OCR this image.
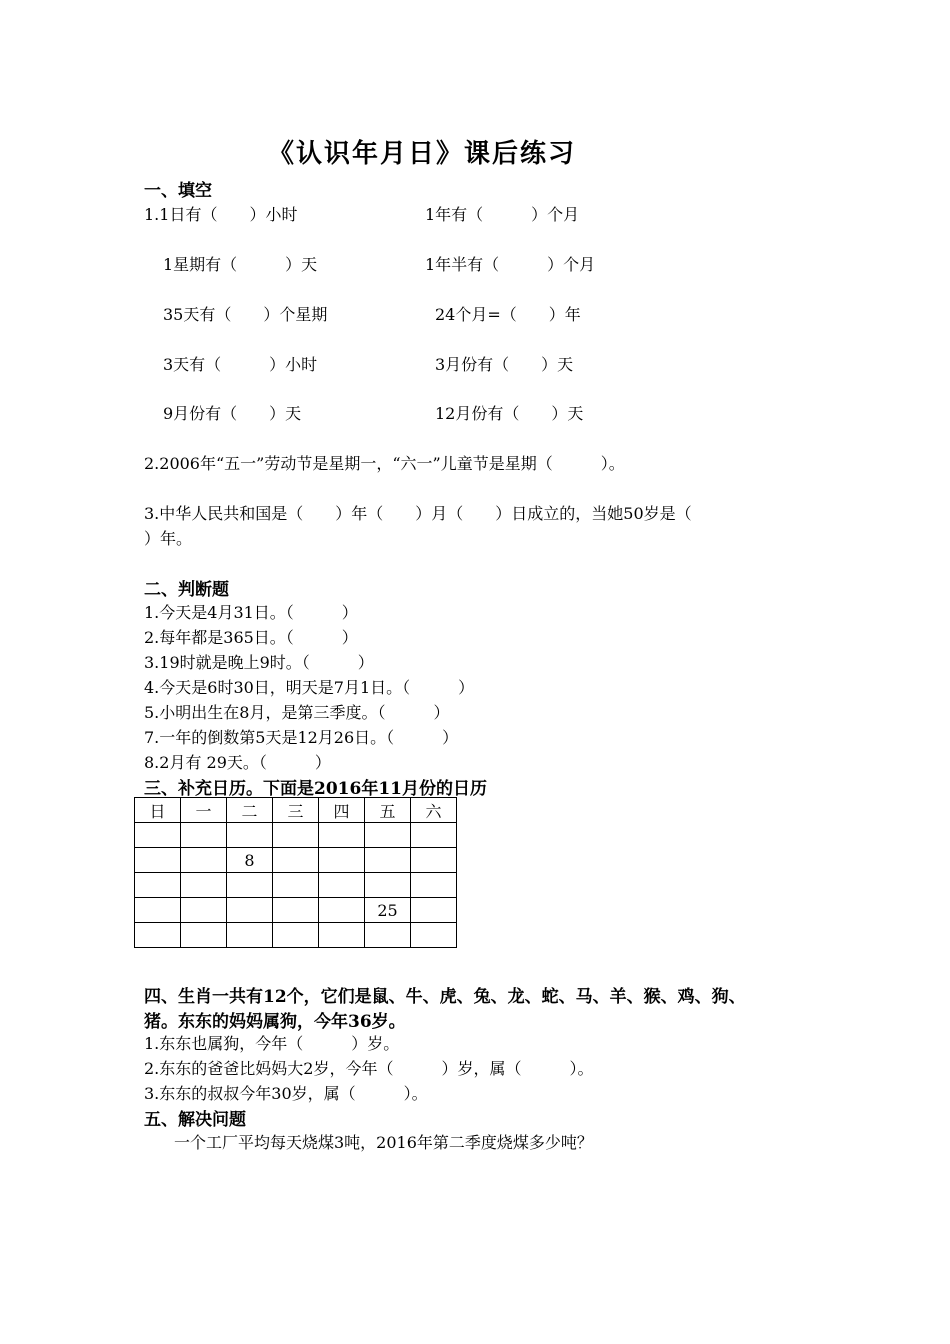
《认识年月日》课后练习
一、填空
1.1日有（　　）小时	1年有（　　　）个月
1星期有（　　　）天	1年半有（　　　）个月
35天有（　　）个星期	24个月=（　　）年
3天有（　　　）小时	3月份有（　　）天
9月份有（　　）天	12月份有（　　）天
2.2006年“五一”劳动节是星期一，“六一”儿童节是星期（　　　）。
3.中华人民共和国是（　　）年（　　）月（　　）日成立的，当她50岁是（
）年。
二、判断题
1.今天是4月31日。（　　　）
2.每年都是365日。（　　　）
3.19时就是晚上9时。（　　　）
4.今天是6时30日，明天是7月1日。（　　　）
5.小明出生在8月，是第三季度。（　　　）
7.一年的倒数第5天是12月26日。（　　　）
8.2月有 29天。（　　　）
三、补充日历。下面是2016年11月份的日历
日	一	二	三	四	五	六

		8				

					25	

四、生肖一共有12个，它们是鼠、牛、虎、兔、龙、蛇、马、羊、猴、鸡、狗、
猪。东东的妈妈属狗，今年36岁。
1.东东也属狗，今年（　　　）岁。
2.东东的爸爸比妈妈大2岁，今年（　　　）岁，属（　　　）。
3.东东的叔叔今年30岁，属（　　　）。
五、解决问题
一个工厂平均每天烧煤3吨，2016年第二季度烧煤多少吨？
